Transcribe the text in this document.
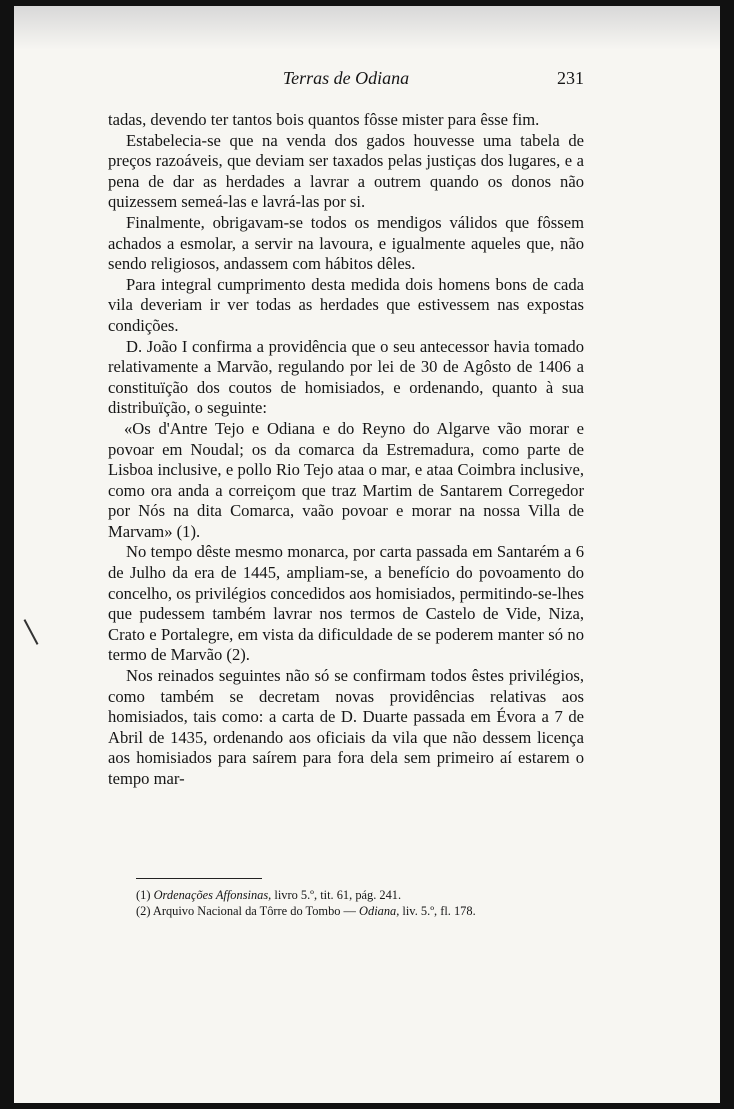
Terras de Odiana	231

tadas, devendo ter tantos bois quantos fôsse mister para êsse fim.

Estabelecia-se que na venda dos gados houvesse uma tabela de preços razoáveis, que deviam ser taxados pelas justiças dos lugares, e a pena de dar as herdades a lavrar a outrem quando os donos não quizessem semeá-las e lavrá-las por si.

Finalmente, obrigavam-se todos os mendigos válidos que fôssem achados a esmolar, a servir na lavoura, e igualmente aqueles que, não sendo religiosos, andassem com hábitos dêles.

Para integral cumprimento desta medida dois homens bons de cada vila deveriam ir ver todas as herdades que estivessem nas expostas condições.

D. João I confirma a providência que o seu antecessor havia tomado relativamente a Marvão, regulando por lei de 30 de Agôsto de 1406 a constituïção dos coutos de homisiados, e ordenando, quanto à sua distribuïção, o seguinte:

«Os d'Antre Tejo e Odiana e do Reyno do Algarve vão morar e povoar em Noudal; os da comarca da Estremadura, como parte de Lisboa inclusive, e pollo Rio Tejo ataa o mar, e ataa Coimbra inclusive, como ora anda a correiçom que traz Martim de Santarem Corregedor por Nós na dita Comarca, vaão povoar e morar na nossa Villa de Marvam» (1).

No tempo dêste mesmo monarca, por carta passada em Santarém a 6 de Julho da era de 1445, ampliam-se, a benefício do povoamento do concelho, os privilégios concedidos aos homisiados, permitindo-se-lhes que pudessem também lavrar nos termos de Castelo de Vide, Niza, Crato e Portalegre, em vista da dificuldade de se poderem manter só no termo de Marvão (2).

Nos reinados seguintes não só se confirmam todos êstes privilégios, como também se decretam novas providências relativas aos homisiados, tais como: a carta de D. Duarte passada em Évora a 7 de Abril de 1435, ordenando aos oficiais da vila que não dessem licença aos homisiados para saírem para fora dela sem primeiro aí estarem o tempo mar-

(1) Ordenações Affonsinas, livro 5.º, tit. 61, pág. 241.
(2) Arquivo Nacional da Tôrre do Tombo — Odiana, liv. 5.º, fl. 178.
